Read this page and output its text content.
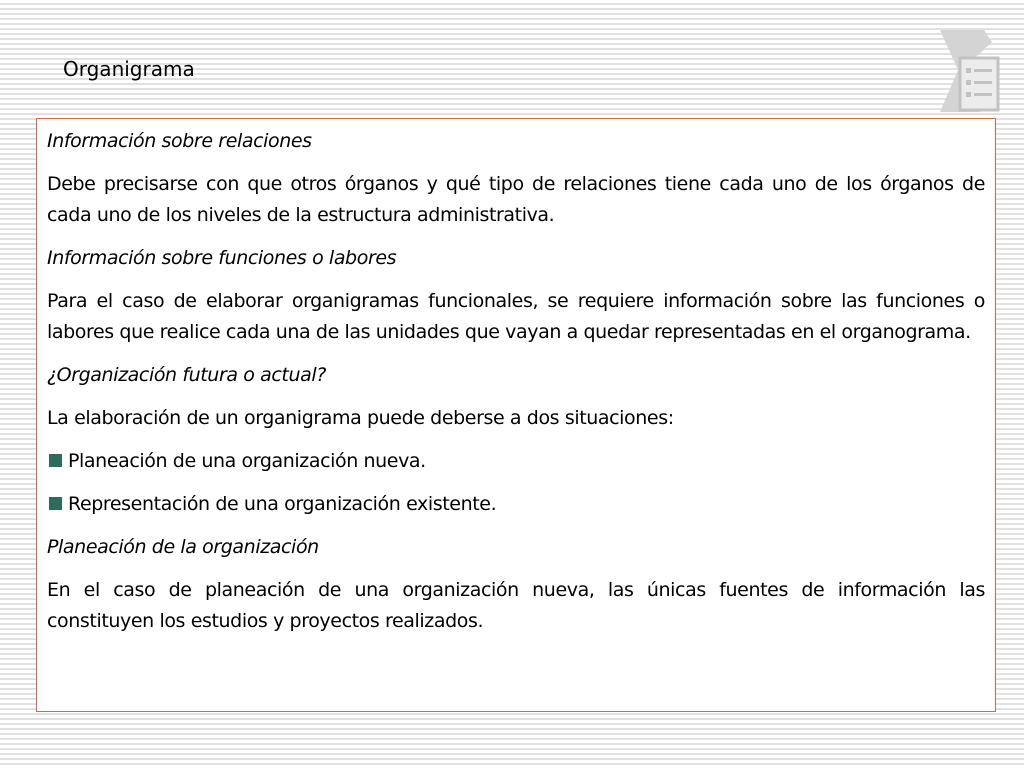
Organigrama

Información sobre relaciones

Debe precisarse con que otros órganos y qué tipo de relaciones tiene cada uno de los órganos de cada uno de los niveles de la estructura administrativa.

Información sobre funciones o labores

Para el caso de elaborar organigramas funcionales, se requiere información sobre las funciones o labores que realice cada una de las unidades que vayan a quedar representadas en el organograma.

¿Organización futura o actual?

La elaboración de un organigrama puede deberse a dos situaciones:

Planeación de una organización nueva.

Representación de una organización existente.

Planeación de la organización

En el caso de planeación de una organización nueva, las únicas fuentes de información las constituyen los estudios y proyectos realizados.
